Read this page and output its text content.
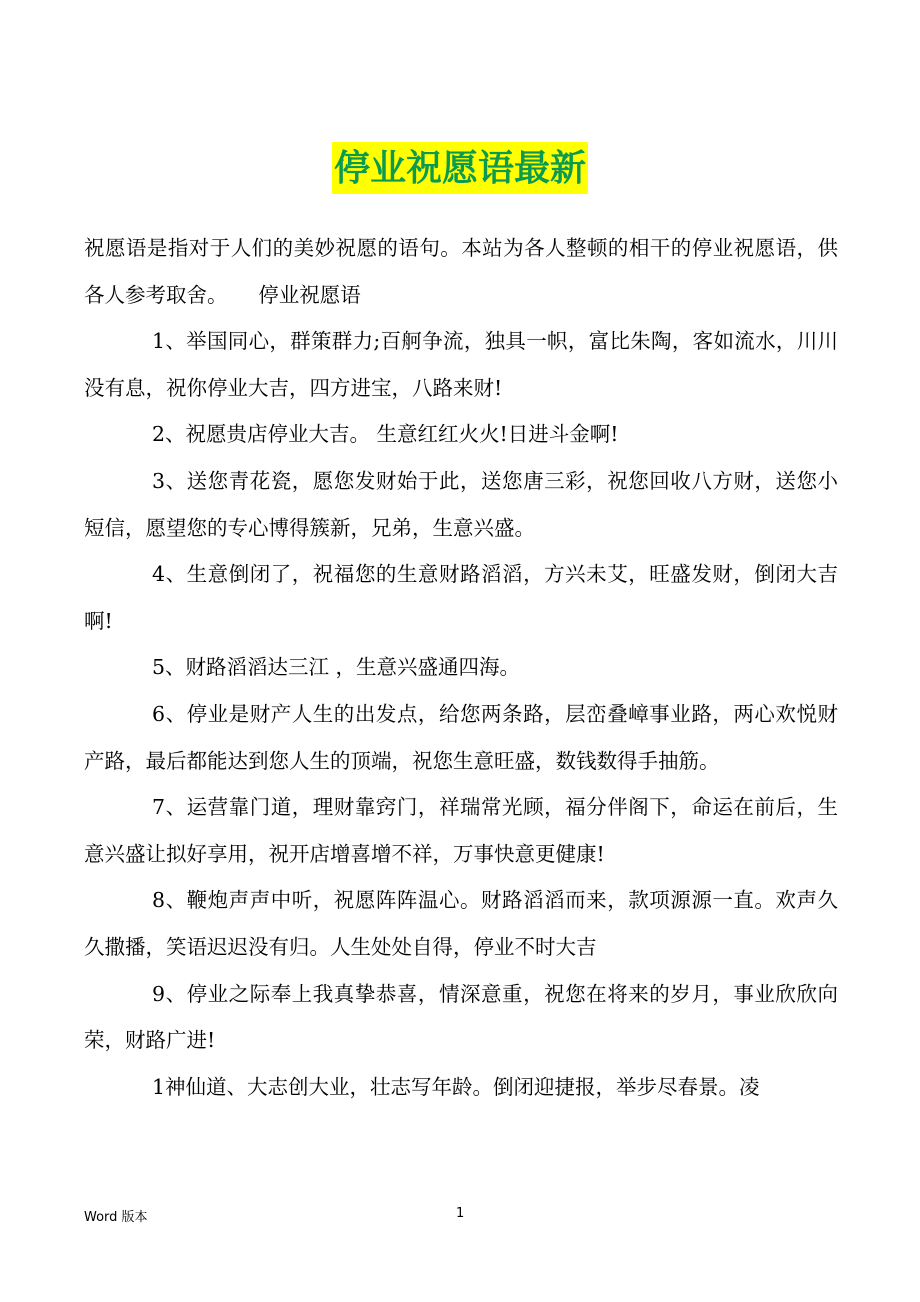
停业祝愿语最新

祝愿语是指对于人们的美妙祝愿的语句。本站为各人整顿的相干的停业祝愿语，供各人参考取舍。　　停业祝愿语

1、举国同心，群策群力;百舸争流，独具一帜，富比朱陶，客如流水，川川没有息，祝你停业大吉，四方进宝，八路来财!

2、祝愿贵店停业大吉。 生意红红火火!日进斗金啊!

3、送您青花瓷，愿您发财始于此，送您唐三彩，祝您回收八方财，送您小短信，愿望您的专心博得簇新，兄弟，生意兴盛。

4、生意倒闭了，祝福您的生意财路滔滔，方兴未艾，旺盛发财，倒闭大吉啊!

5、财路滔滔达三江 ，生意兴盛通四海。

6、停业是财产人生的出发点，给您两条路，层峦叠嶂事业路，两心欢悦财产路，最后都能达到您人生的顶端，祝您生意旺盛，数钱数得手抽筋。

7、运营靠门道，理财靠窍门，祥瑞常光顾，福分伴阁下，命运在前后，生意兴盛让拟好享用，祝开店增喜增不祥，万事快意更健康!

8、鞭炮声声中听，祝愿阵阵温心。财路滔滔而来，款项源源一直。欢声久久撒播，笑语迟迟没有归。人生处处自得，停业不时大吉

9、停业之际奉上我真挚恭喜，情深意重，祝您在将来的岁月，事业欣欣向荣，财路广进!

1神仙道、大志创大业，壮志写年龄。倒闭迎捷报，举步尽春景。凌

Word 版本	1
